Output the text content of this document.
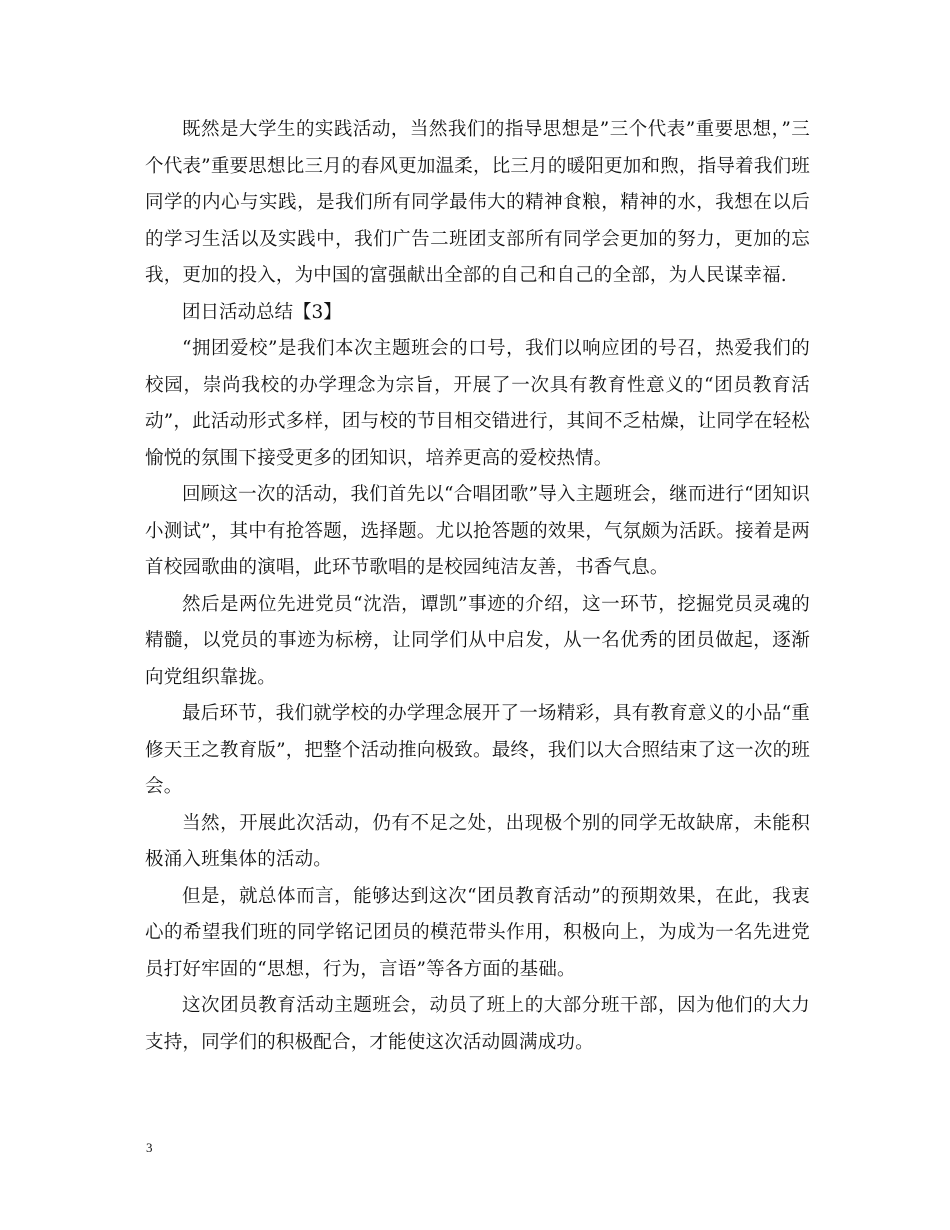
既然是大学生的实践活动，当然我们的指导思想是”三个代表”重要思想，”三个代表”重要思想比三月的春风更加温柔，比三月的暖阳更加和煦，指导着我们班同学的内心与实践，是我们所有同学最伟大的精神食粮，精神的水，我想在以后的学习生活以及实践中，我们广告二班团支部所有同学会更加的努力，更加的忘我，更加的投入，为中国的富强献出全部的自己和自己的全部，为人民谋幸福.

团日活动总结【3】

“拥团爱校”是我们本次主题班会的口号，我们以响应团的号召，热爱我们的校园，崇尚我校的办学理念为宗旨，开展了一次具有教育性意义的“团员教育活动”，此活动形式多样，团与校的节目相交错进行，其间不乏枯燥，让同学在轻松愉悦的氛围下接受更多的团知识，培养更高的爱校热情。

回顾这一次的活动，我们首先以“合唱团歌”导入主题班会，继而进行“团知识小测试”，其中有抢答题，选择题。尤以抢答题的效果，气氛颇为活跃。接着是两首校园歌曲的演唱，此环节歌唱的是校园纯洁友善，书香气息。

然后是两位先进党员“沈浩，谭凯”事迹的介绍，这一环节，挖掘党员灵魂的精髓，以党员的事迹为标榜，让同学们从中启发，从一名优秀的团员做起，逐渐向党组织靠拢。

最后环节，我们就学校的办学理念展开了一场精彩，具有教育意义的小品“重修天王之教育版”，把整个活动推向极致。最终，我们以大合照结束了这一次的班会。

当然，开展此次活动，仍有不足之处，出现极个别的同学无故缺席，未能积极涌入班集体的活动。

但是，就总体而言，能够达到这次“团员教育活动”的预期效果，在此，我衷心的希望我们班的同学铭记团员的模范带头作用，积极向上，为成为一名先进党员打好牢固的“思想，行为，言语”等各方面的基础。

这次团员教育活动主题班会，动员了班上的大部分班干部，因为他们的大力支持，同学们的积极配合，才能使这次活动圆满成功。

3
